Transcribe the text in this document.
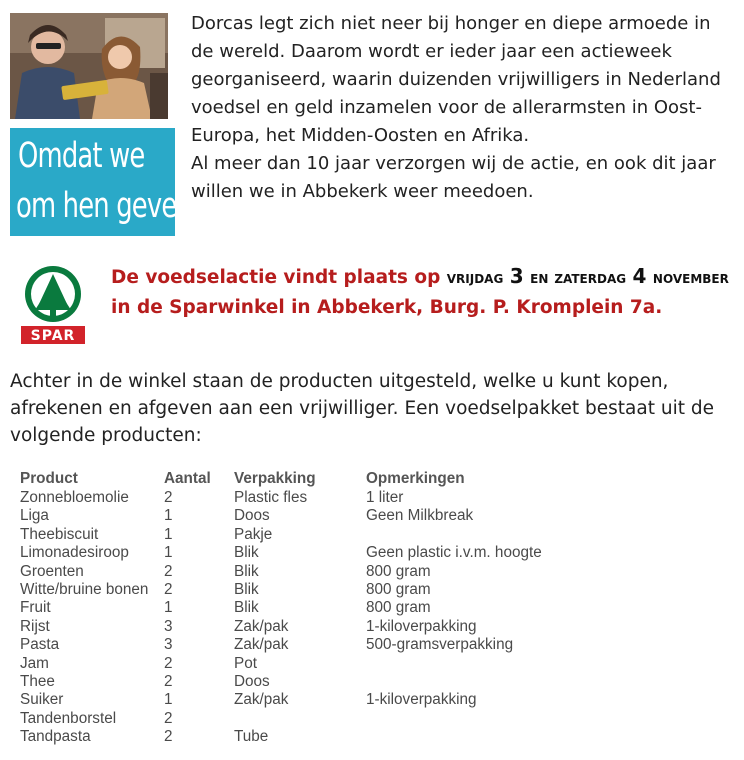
Omdat we
om hen geven

Dorcas legt zich niet neer bij honger en diepe armoede in de wereld. Daarom wordt er ieder jaar een actieweek georganiseerd, waarin duizenden vrijwilligers in Nederland voedsel en geld inzamelen voor de allerarmsten in Oost-Europa, het Midden-Oosten en Afrika.

Al meer dan 10 jaar verzorgen wij de actie, en ook dit jaar willen we in Abbekerk weer meedoen.

SPAR
De voedselactie vindt plaats op vrijdag 3 en zaterdag 4 november in de Sparwinkel in Abbekerk, Burg. P. Kromplein 7a.

Achter in de winkel staan de producten uitgesteld, welke u kunt kopen, afrekenen en afgeven aan een vrijwilliger. Een voedselpakket bestaat uit de volgende producten:

Product	Aantal	Verpakking	Opmerkingen
Zonnebloemolie	2	Plastic fles	1 liter
Liga	1	Doos	Geen Milkbreak
Theebiscuit	1	Pakje	
Limonadesiroop	1	Blik	Geen plastic i.v.m. hoogte
Groenten	2	Blik	800 gram
Witte/bruine bonen	2	Blik	800 gram
Fruit	1	Blik	800 gram
Rijst	3	Zak/pak	1-kiloverpakking
Pasta	3	Zak/pak	500-gramsverpakking
Jam	2	Pot	
Thee	2	Doos	
Suiker	1	Zak/pak	1-kiloverpakking
Tandenborstel	2		
Tandpasta	2	Tube	
